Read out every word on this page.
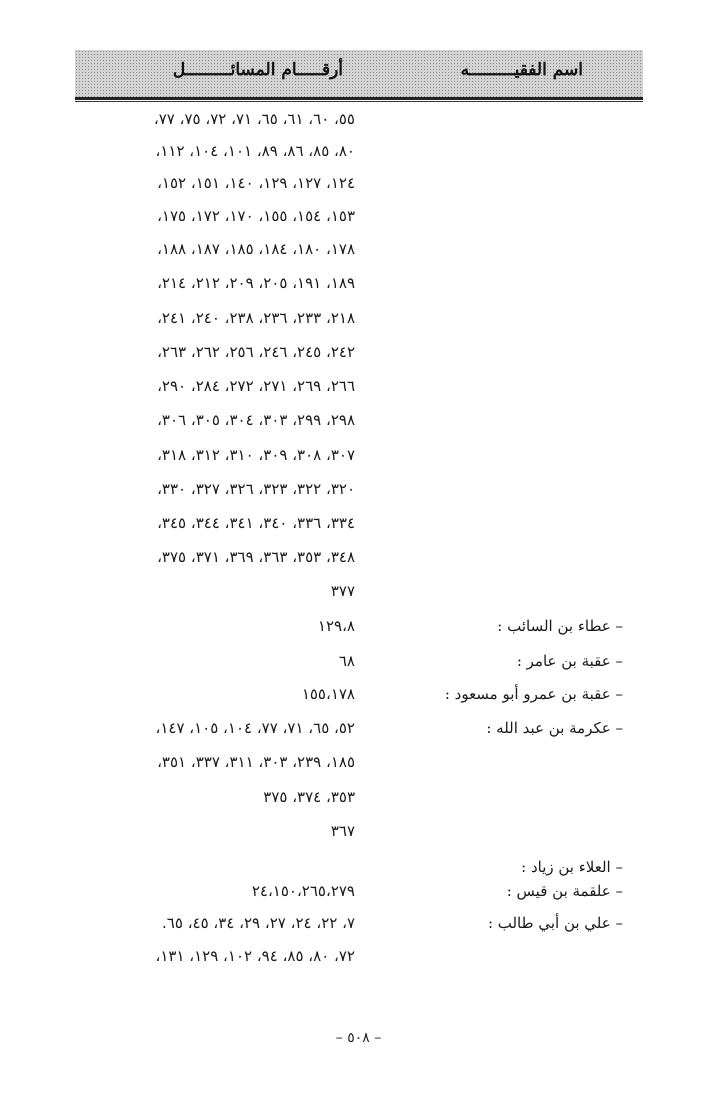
اسم الفقيـــــــــه
أرقـــــام المسائـــــــــل
٥٥، ٦٠، ٦١، ٦٥، ٧١، ٧٢، ٧٥، ٧٧،
٨٠، ٨٥، ٨٦، ٨٩، ١٠١، ١٠٤، ١١٢،
١٢٤، ١٢٧، ١٢٩، ١٤٠، ١٥١، ١٥٢،
١٥٣، ١٥٤، ١٥٥، ١٧٠، ١٧٢، ١٧٥،
١٧٨، ١٨٠، ١٨٤، ١٨٥، ١٨٧، ١٨٨،
١٨٩، ١٩١، ٢٠٥، ٢٠٩، ٢١٢، ٢١٤،
٢١٨، ٢٣٣، ٢٣٦، ٢٣٨، ٢٤٠، ٢٤١،
٢٤٢، ٢٤٥، ٢٤٦، ٢٥٦، ٢٦٢، ٢٦٣،
٢٦٦، ٢٦٩، ٢٧١، ٢٧٢، ٢٨٤، ٢٩٠،
٢٩٨، ٢٩٩، ٣٠٣، ٣٠٤، ٣٠٥، ٣٠٦،
٣٠٧، ٣٠٨، ٣٠٩، ٣١٠، ٣١٢، ٣١٨،
٣٢٠، ٣٢٢، ٣٢٣، ٣٢٦، ٣٢٧، ٣٣٠،
٣٣٤، ٣٣٦، ٣٤٠، ٣٤١، ٣٤٤، ٣٤٥،
٣٤٨، ٣٥٣، ٣٦٣، ٣٦٩، ٣٧١، ٣٧٥،
٣٧٧
– عطاء بن السائب :
١٢٩،٨
– عقبة بن عامر :
٦٨
– عقبة بن عمرو أبو مسعود :
١٥٥،١٧٨
– عكرمة بن عبد الله :
٥٢، ٦٥، ٧١، ٧٧، ١٠٤، ١٠٥، ١٤٧،
١٨٥، ٢٣٩، ٣٠٣، ٣١١، ٣٣٧، ٣٥١،
٣٥٣، ٣٧٤، ٣٧٥
٣٦٧
– العلاء بن زياد :
– علقمة بن قيس :
٢٤،١٥٠،٢٦٥،٢٧٩
– علي بن أبي طالب :
٧، ٢٢، ٢٤، ٢٧، ٢٩، ٣٤، ٤٥، ٦٥.
٧٢، ٨٠، ٨٥، ٩٤، ١٠٢، ١٢٩، ١٣١،
– ٥٠٨ –
